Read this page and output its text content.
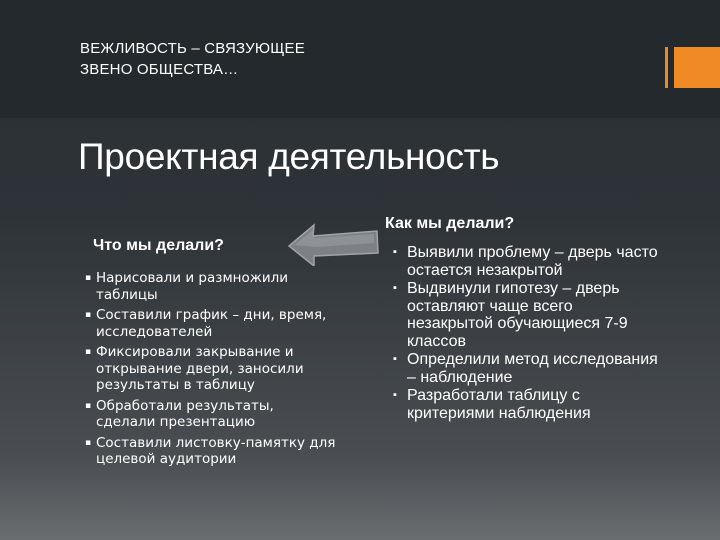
ВЕЖЛИВОСТЬ – СВЯЗУЮЩЕЕ
ЗВЕНО ОБЩЕСТВА…
Проектная деятельность
Что мы делали?
Как мы делали?
▪ Нарисовали и размножили таблицы
▪ Составили график – дни, время, исследователей
▪ Фиксировали закрывание и открывание двери, заносили результаты в таблицу
▪ Обработали результаты, сделали презентацию
▪ Составили листовку-памятку для целевой аудитории
▪ Выявили проблему – дверь часто остается незакрытой
▪ Выдвинули гипотезу – дверь оставляют чаще всего незакрытой обучающиеся 7-9 классов
▪ Определили метод исследования – наблюдение
▪ Разработали таблицу с критериями наблюдения
